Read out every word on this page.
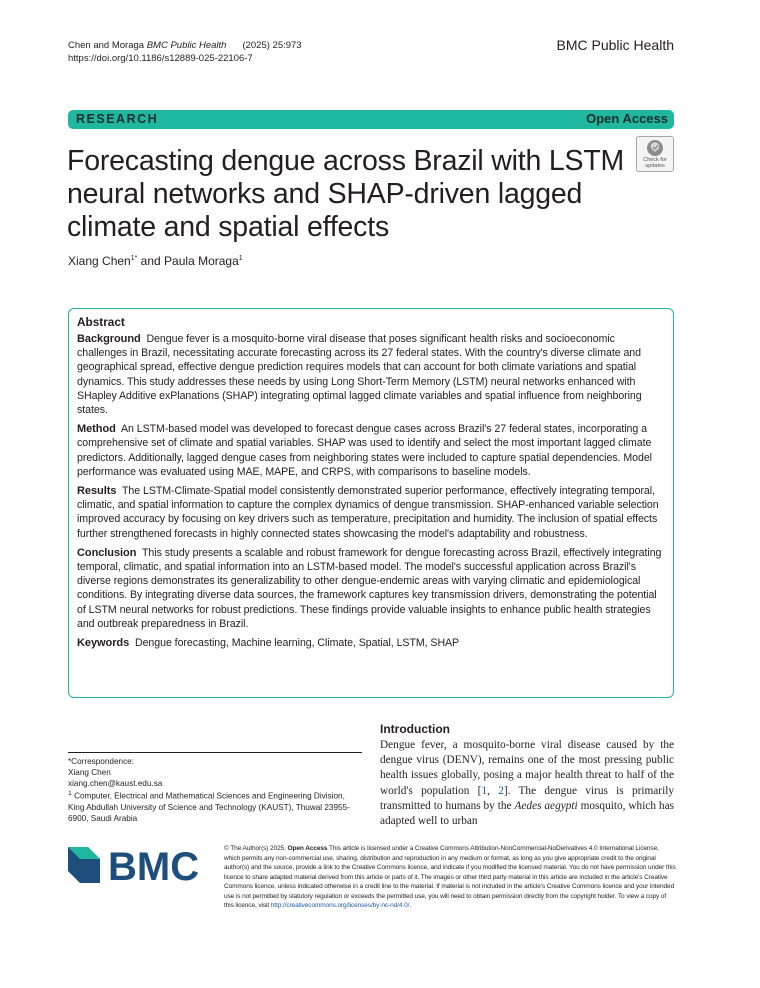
Chen and Moraga BMC Public Health (2025) 25:973
https://doi.org/10.1186/s12889-025-22106-7
BMC Public Health
RESEARCH	Open Access
Forecasting dengue across Brazil with LSTM neural networks and SHAP-driven lagged climate and spatial effects
Check for
updates
Xiang Chen$^{1*}$ and Paula Moraga$^1$
Abstract

Background Dengue fever is a mosquito-borne viral disease that poses significant health risks and socioeconomic challenges in Brazil, necessitating accurate forecasting across its 27 federal states. With the country's diverse climate and geographical spread, effective dengue prediction requires models that can account for both climate variations and spatial dynamics. This study addresses these needs by using Long Short-Term Memory (LSTM) neural networks enhanced with SHapley Additive exPlanations (SHAP) integrating optimal lagged climate variables and spatial influence from neighboring states.

Method An LSTM-based model was developed to forecast dengue cases across Brazil's 27 federal states, incorporating a comprehensive set of climate and spatial variables. SHAP was used to identify and select the most important lagged climate predictors. Additionally, lagged dengue cases from neighboring states were included to capture spatial dependencies. Model performance was evaluated using MAE, MAPE, and CRPS, with comparisons to baseline models.

Results The LSTM-Climate-Spatial model consistently demonstrated superior performance, effectively integrating temporal, climatic, and spatial information to capture the complex dynamics of dengue transmission. SHAP-enhanced variable selection improved accuracy by focusing on key drivers such as temperature, precipitation and humidity. The inclusion of spatial effects further strengthened forecasts in highly connected states showcasing the model's adaptability and robustness.

Conclusion This study presents a scalable and robust framework for dengue forecasting across Brazil, effectively integrating temporal, climatic, and spatial information into an LSTM-based model. The model's successful application across Brazil's diverse regions demonstrates its generalizability to other dengue-endemic areas with varying climatic and epidemiological conditions. By integrating diverse data sources, the framework captures key transmission drivers, demonstrating the potential of LSTM neural networks for robust predictions. These findings provide valuable insights to enhance public health strategies and outbreak preparedness in Brazil.

Keywords Dengue forecasting, Machine learning, Climate, Spatial, LSTM, SHAP

*Correspondence:
Xiang Chen
xiang.chen@kaust.edu.sa
$^1$ Computer, Electrical and Mathematical Sciences and Engineering Division, King Abdullah University of Science and Technology (KAUST), Thuwal 23955-6900, Saudi Arabia
Introduction
Dengue fever, a mosquito-borne viral disease caused by the dengue virus (DENV), remains one of the most pressing public health issues globally, posing a major health threat to half of the world's population [1, 2]. The dengue virus is primarily transmitted to humans by the Aedes aegypti mosquito, which has adapted well to urban
BMC	© The Author(s) 2025. Open Access This article is licensed under a Creative Commons Attribution-NonCommercial-NoDerivatives 4.0 International License, which permits any non-commercial use, sharing, distribution and reproduction in any medium or format, as long as you give appropriate credit to the original author(s) and the source, provide a link to the Creative Commons licence, and indicate if you modified the licensed material. You do not have permission under this licence to share adapted material derived from this article or parts of it. The images or other third party material in this article are included in the article's Creative Commons licence, unless indicated otherwise in a credit line to the material. If material is not included in the article's Creative Commons licence and your intended use is not permitted by statutory regulation or exceeds the permitted use, you will need to obtain permission directly from the copyright holder. To view a copy of this licence, visit http://creativecommons.org/licenses/by-nc-nd/4.0/.
